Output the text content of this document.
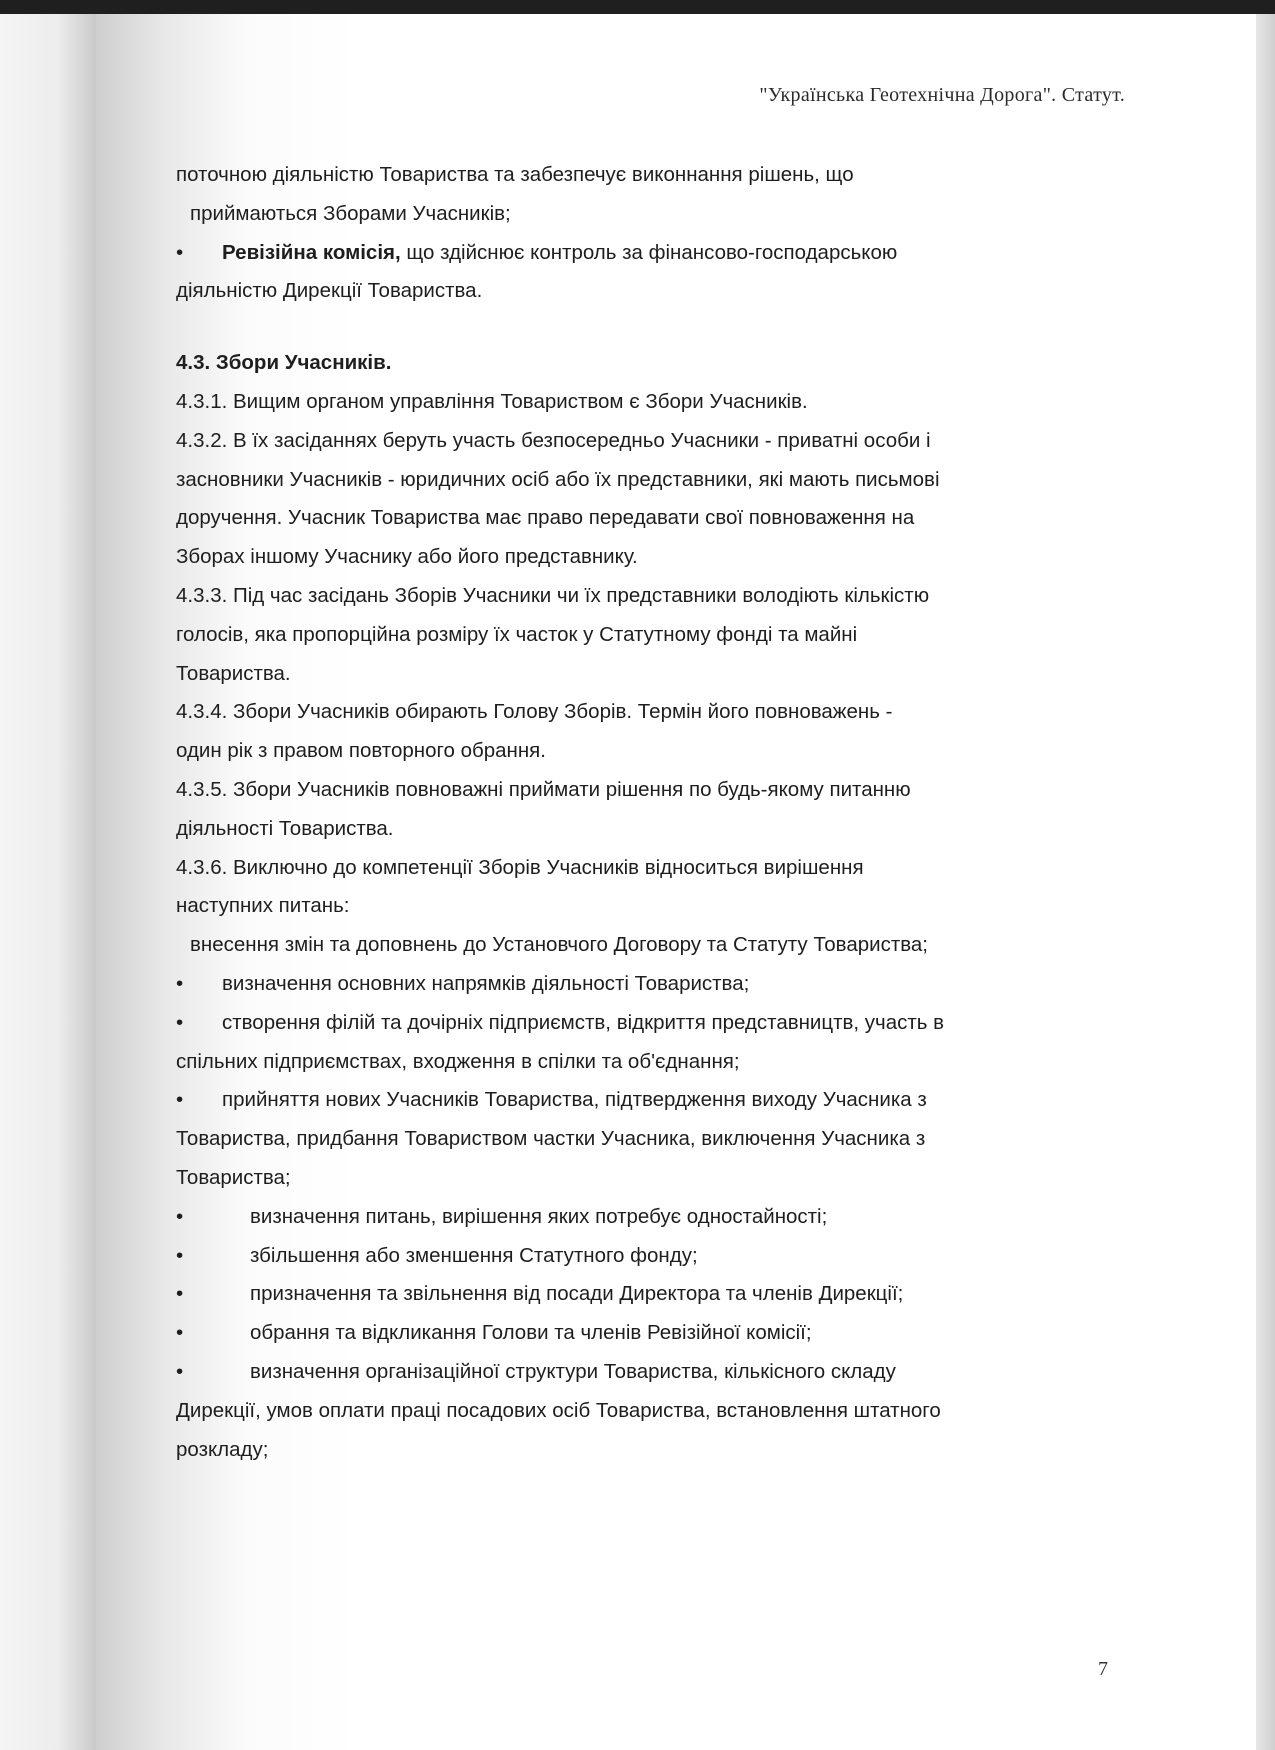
"Українська Геотехнічна Дорога". Статут.

поточною діяльністю Товариства та забезпечує виконнання рішень, що

приймаються Зборами Учасників;

• Ревізійна комісія, що здійснює контроль за фінансово-господарською

діяльністю Дирекції Товариства.

4.3. Збори Учасників.

4.3.1. Вищим органом управління Товариством є Збори Учасників.

4.3.2. В їх засіданнях беруть участь безпосередньо Учасники - приватні особи і

засновники Учасників - юридичних осіб або їх представники, які мають письмові

доручення. Учасник Товариства має право передавати свої повноваження на

Зборах іншому Учаснику або його представнику.

4.3.3. Під час засідань Зборів Учасники чи їх представники володіють кількістю

голосів, яка пропорційна розміру їх часток у Статутному фонді та майні

Товариства.

4.3.4. Збори Учасників обирають Голову Зборів. Термін його повноважень -

один рік з правом повторного обрання.

4.3.5. Збори Учасників повноважні приймати рішення по будь-якому питанню

діяльності Товариства.

4.3.6. Виключно до компетенції Зборів Учасників відноситься вирішення

наступних питань:

внесення змін та доповнень до Установчого Договору та Статуту Товариства;

• визначення основних напрямків діяльності Товариства;

• створення філій та дочірніх підприємств, відкриття представництв, участь в

спільних підприємствах, входження в спілки та об'єднання;

• прийняття нових Учасників Товариства, підтвердження виходу Учасника з

Товариства, придбання Товариством частки Учасника, виключення Учасника з

Товариства;

• визначення питань, вирішення яких потребує одностайності;

• збільшення або зменшення Статутного фонду;

• призначення та звільнення від посади Директора та членів Дирекції;

• обрання та відкликання Голови та членів Ревізійної комісії;

• визначення організаційної структури Товариства, кількісного складу

Дирекції, умов оплати праці посадових осіб Товариства, встановлення штатного

розкладу;

7
